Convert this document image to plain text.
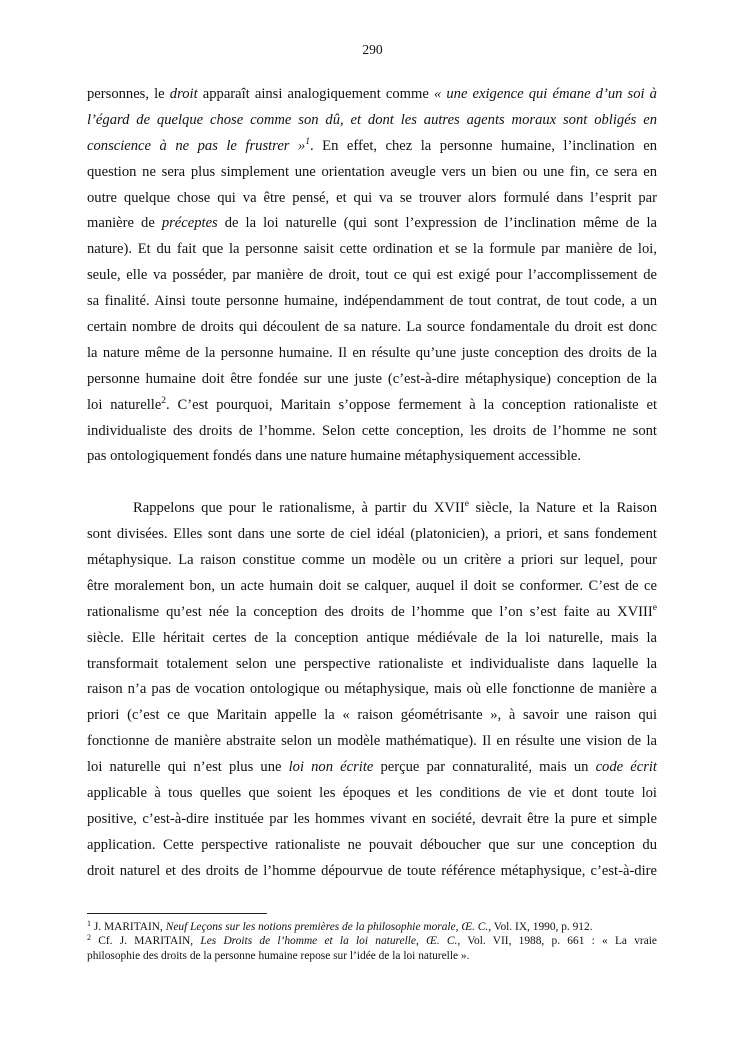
290
personnes, le droit apparaît ainsi analogiquement comme « une exigence qui émane d’un soi à
l’égard de quelque chose comme son dû, et dont les autres agents moraux sont obligés en
conscience à ne pas le frustrer »$^1$. En effet, chez la personne humaine, l’inclination en
question ne sera plus simplement une orientation aveugle vers un bien ou une fin, ce sera en
outre quelque chose qui va être pensé, et qui va se trouver alors formulé dans l’esprit par
manière de préceptes de la loi naturelle (qui sont l’expression de l’inclination même de la
nature). Et du fait que la personne saisit cette ordination et se la formule par manière de loi,
seule, elle va posséder, par manière de droit, tout ce qui est exigé pour l’accomplissement de
sa finalité. Ainsi toute personne humaine, indépendamment de tout contrat, de tout code, a un
certain nombre de droits qui découlent de sa nature. La source fondamentale du droit est donc
la nature même de la personne humaine. Il en résulte qu’une juste conception des droits de la
personne humaine doit être fondée sur une juste (c’est-à-dire métaphysique) conception de la
loi naturelle$^2$. C’est pourquoi, Maritain s’oppose fermement à la conception rationaliste et
individualiste des droits de l’homme. Selon cette conception, les droits de l’homme ne sont
pas ontologiquement fondés dans une nature humaine métaphysiquement accessible.
Rappelons que pour le rationalisme, à partir du XVIIe siècle, la Nature et la Raison
sont divisées. Elles sont dans une sorte de ciel idéal (platonicien), a priori, et sans fondement
métaphysique. La raison constitue comme un modèle ou un critère a priori sur lequel, pour
être moralement bon, un acte humain doit se calquer, auquel il doit se conformer. C’est de ce
rationalisme qu’est née la conception des droits de l’homme que l’on s’est faite au XVIIIe
siècle. Elle héritait certes de la conception antique médiévale de la loi naturelle, mais la
transformait totalement selon une perspective rationaliste et individualiste dans laquelle la
raison n’a pas de vocation ontologique ou métaphysique, mais où elle fonctionne de manière a
priori (c’est ce que Maritain appelle la « raison géométrisante », à savoir une raison qui
fonctionne de manière abstraite selon un modèle mathématique). Il en résulte une vision de la
loi naturelle qui n’est plus une loi non écrite perçue par connaturalité, mais un code écrit
applicable à tous quelles que soient les époques et les conditions de vie et dont toute loi
positive, c’est-à-dire instituée par les hommes vivant en société, devrait être la pure et simple
application. Cette perspective rationaliste ne pouvait déboucher que sur une conception du
droit naturel et des droits de l’homme dépourvue de toute référence métaphysique, c’est-à-dire
$^1$ J. MARITAIN, Neuf Leçons sur les notions premières de la philosophie morale, Œ. C., Vol. IX, 1990, p. 912.
$^2$ Cf. J. MARITAIN, Les Droits de l’homme et la loi naturelle, Œ. C., Vol. VII, 1988, p. 661 : « La vraie
philosophie des droits de la personne humaine repose sur l’idée de la loi naturelle ».
